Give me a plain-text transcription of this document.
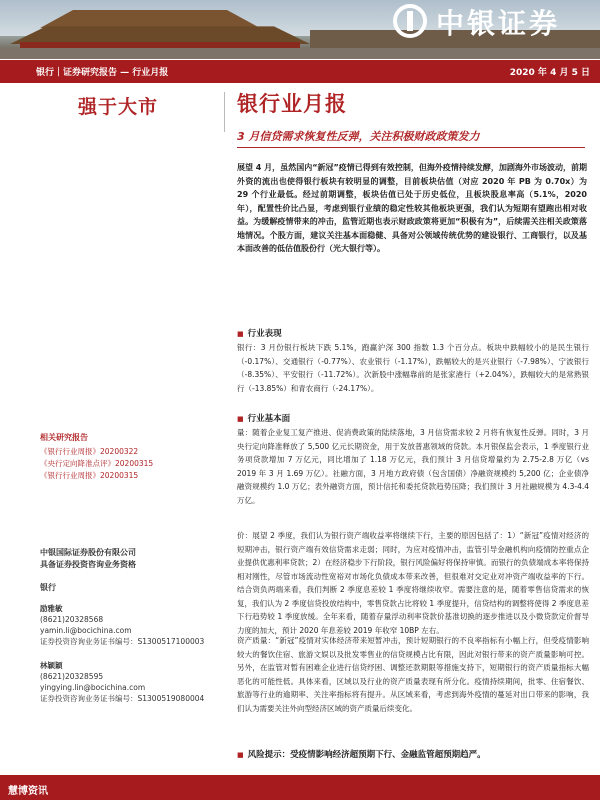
中银证券
银行｜证券研究报告 — 行业月报	2020 年 4 月 5 日
强于大市
相关研究报告
《银行行业周报》20200322
《央行定向降准点评》20200315
《银行行业周报》20200315
中银国际证券股份有限公司
具备证券投资咨询业务资格
银行
励雅敏
(8621)20328568
yamin.li@bocichina.com
证券投资咨询业务证书编号：S1300517100003
林颖颖
(8621)20328595
yingying.lin@bocichina.com
证券投资咨询业务证书编号：S1300519080004
银行业月报
3 月信贷需求恢复性反弹，关注积极财政政策发力
展望 4 月，虽然国内“新冠”疫情已得到有效控制，但海外疫情持续发酵，加剧海外市场波动，前期外资的流出也使得银行板块有较明显的调整，目前板块估值（对应 2020 年 PB 为 0.70x）为 29 个行业最低。经过前期调整，板块估值已处于历史低位，且板块股息率高（5.1%，2020 年），配置性价比凸显，考虑到银行业绩的稳定性较其他板块更强，我们认为短期有望跑出相对收益。为缓解疫情带来的冲击，监管近期也表示财政政策将更加“积极有为”，后续需关注相关政策落地情况。个股方面，建议关注基本面稳健、具备对公领域传统优势的建设银行、工商银行，以及基本面改善的低估值股份行（光大银行等）。
■ 行业表现
银行：3 月份银行板块下跌 5.1%，跑赢沪深 300 指数 1.3 个百分点。板块中跌幅较小的是民生银行（-0.17%）、交通银行（-0.77%）、农业银行（-1.17%），跌幅较大的是兴业银行（-7.98%）、宁波银行（-8.35%）、平安银行（-11.72%）。次新股中涨幅靠前的是张家港行（+2.04%），跌幅较大的是常熟银行（-13.85%）和青农商行（-24.17%）。
■ 行业基本面
量：随着企业复工复产推进、促消费政策的陆续落地，3 月信贷需求较 2 月将有恢复性反弹。同时，3 月央行定向降准释放了 5,500 亿元长期资金，用于发放普惠领域的贷款。本月银保监会表示，1 季度银行业务项贷款增加 7 万亿元，同比增加了 1.18 万亿元，我们预计 3 月信贷增量约为 2.75-2.8 万亿（vs 2019 年 3 月 1.69 万亿）。社融方面，3 月地方政府债（包含国债）净融资规模约 5,200 亿；企业债净融资规模约 1.0 万亿；表外融资方面，预计信托和委托贷款趋势压降；我们预计 3 月社融规模为 4.3-4.4 万亿。
价：展望 2 季度，我们认为银行资产端收益率将继续下行，主要的原因包括了：1）“新冠”疫情对经济的短期冲击，银行资产端有效信贷需求走弱；同时，为应对疫情冲击，监管引导金融机构向疫情防控重点企业提供优惠利率贷款；2）在经济稳步下行阶段，银行风险偏好将保持审慎。而银行的负债端成本率将保持相对刚性，尽管市场流动性宽裕对市场化负债成本带来改善，但很难对交定业对冲资产端收益率的下行。结合资负两端来看，我们判断 2 季度息差较 1 季度将继续收窄。需要注意的是，随着零售信贷需求的恢复，我们认为 2 季度信贷投放结构中，零售贷款占比将较 1 季度提升，信贷结构的调整将使得 2 季度息差下行趋势较 1 季度放缓。全年来看，随着存量浮动利率贷款价基准切换的逐步推进以及小微贷款定价督导力度的加大，预计 2020 年息差较 2019 年收窄 10BP 左右。
资产质量：“新冠”疫情对实体经济带来短暂冲击，预计短期银行的不良率指标有小幅上行，但受疫情影响较大的餐饮住宿、旅游文娱以及批发零售业的信贷规模占比有限，因此对银行带来的资产质量影响可控。另外，在监管对暂有困难企业进行信贷纾困、调整还款期限等措施支持下，短期银行的资产质量指标大幅恶化的可能性低。具体来看，区域以及行业的资产质量表现有所分化。疫情持续期间，批零、住宿餐饮、旅游等行业的逾期率、关注率指标将有提升。从区域来看，考虑到海外疫情的蔓延对出口带来的影响，我们认为需要关注外向型经济区域的资产质量后续变化。
■ 风险提示：受疫情影响经济超预期下行、金融监管超预期趋严。
慧博资讯
